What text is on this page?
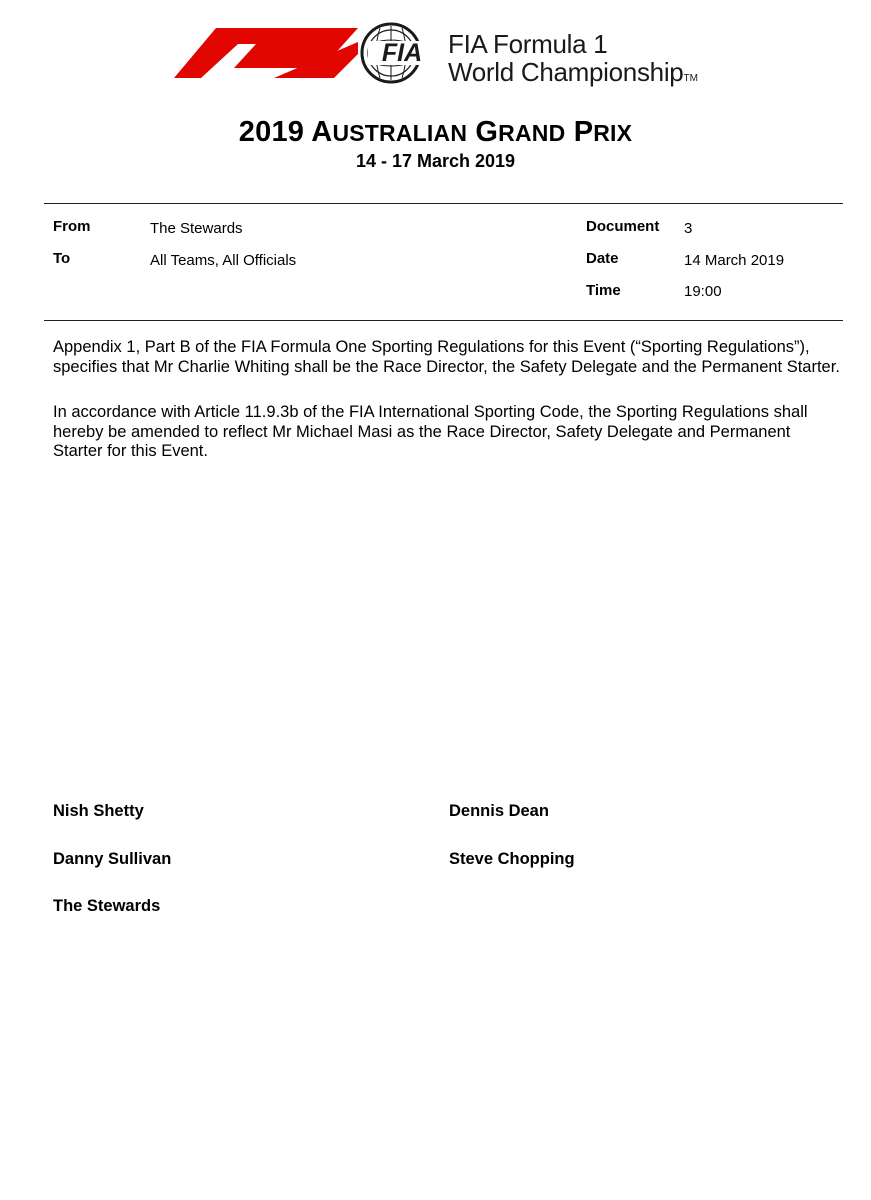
FIA FIA Formula 1
World ChampionshipTM
2019 AUSTRALIAN GRAND PRIX
14 - 17 March 2019
From	The Stewards
To	All Teams, All Officials
Document 3
Date	14 March 2019
Time	19:00
Appendix 1, Part B of the FIA Formula One Sporting Regulations for this Event (“Sporting Regulations”), specifies that Mr Charlie Whiting shall be the Race Director, the Safety Delegate and the Permanent Starter.
In accordance with Article 11.9.3b of the FIA International Sporting Code, the Sporting Regulations shall hereby be amended to reflect Mr Michael Masi as the Race Director, Safety Delegate and Permanent Starter for this Event.
Nish Shetty	Dennis Dean
Danny Sullivan	Steve Chopping
The Stewards
